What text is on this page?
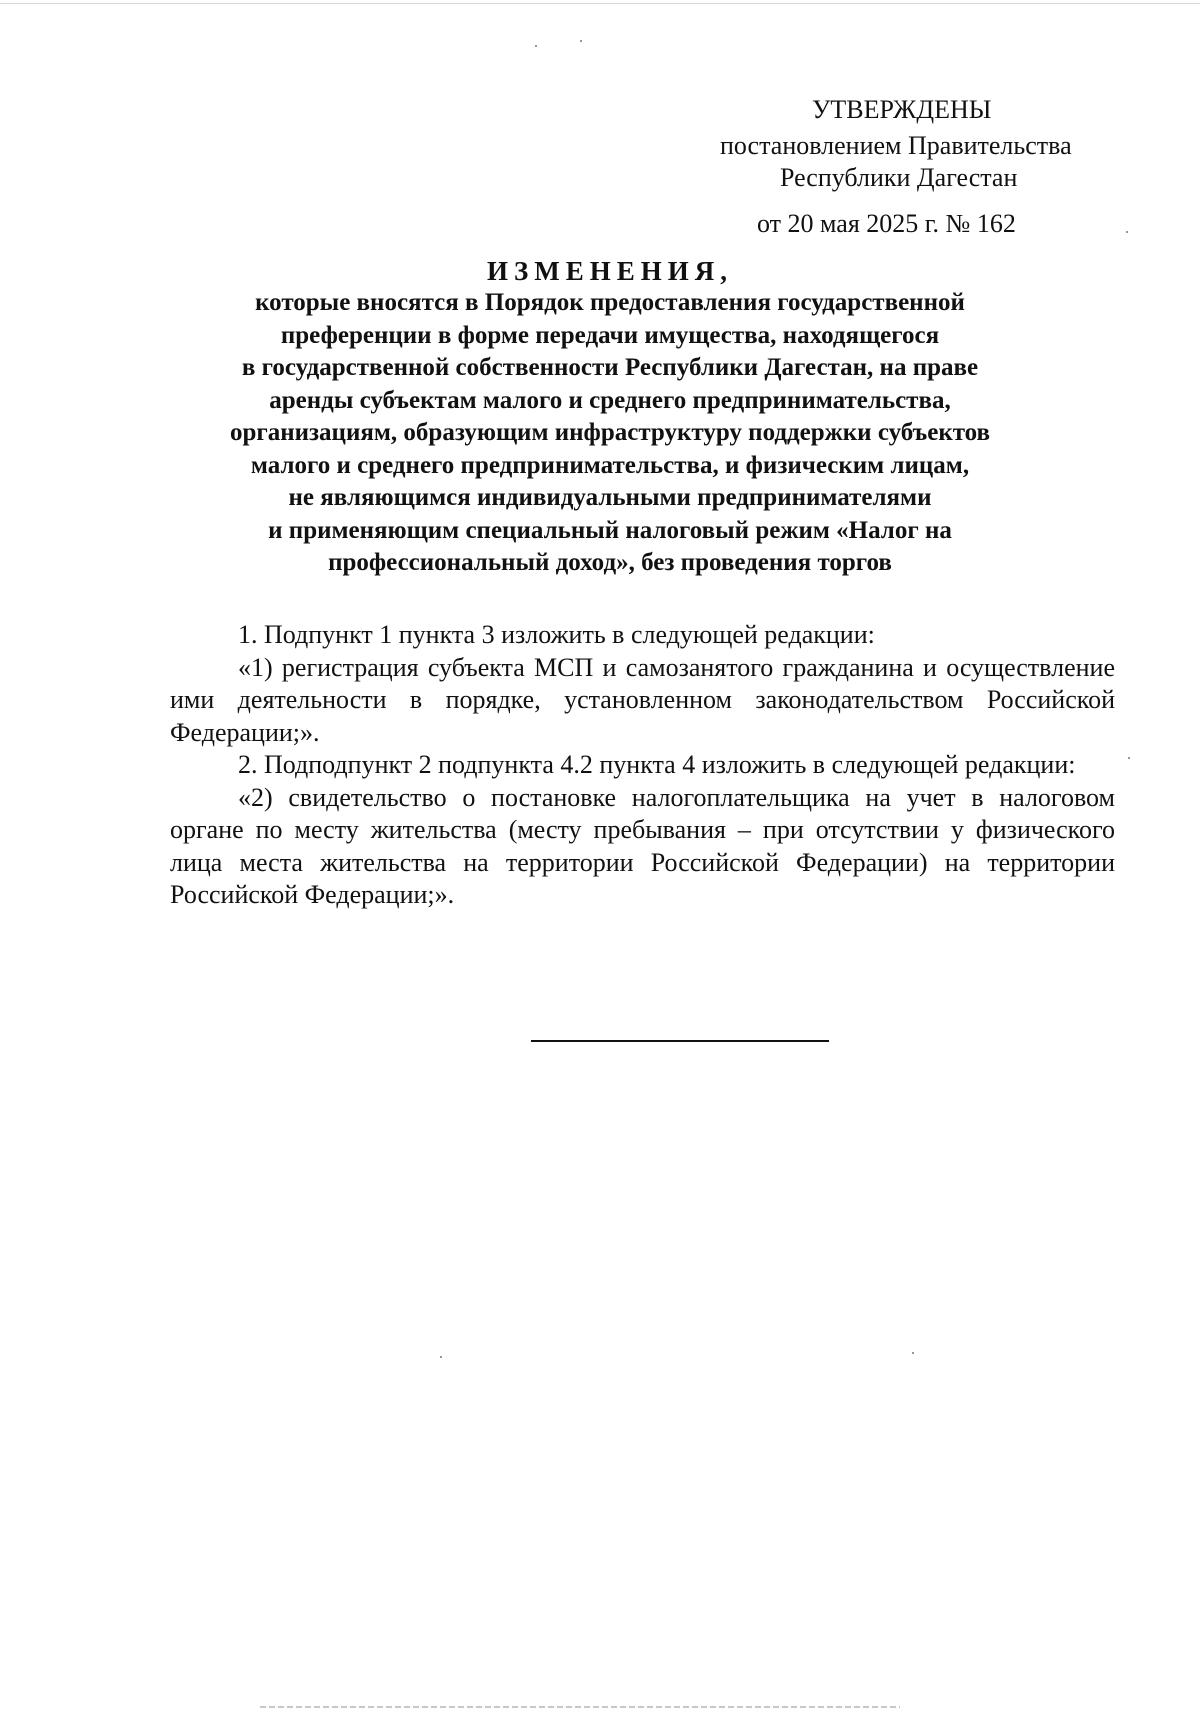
УТВЕРЖДЕНЫ
постановлением Правительства
Республики Дагестан
от 20 мая 2025 г. № 162
ИЗМЕНЕНИЯ,
которые вносятся в Порядок предоставления государственной
преференции в форме передачи имущества, находящегося
в государственной собственности Республики Дагестан, на праве
аренды субъектам малого и среднего предпринимательства,
организациям, образующим инфраструктуру поддержки субъектов
малого и среднего предпринимательства, и физическим лицам,
не являющимся индивидуальными предпринимателями
и применяющим специальный налоговый режим «Налог на
профессиональный доход», без проведения торгов

1. Подпункт 1 пункта 3 изложить в следующей редакции:

«1) регистрация субъекта МСП и самозанятого гражданина и осуществление ими деятельности в порядке, установленном законодательством Российской Федерации;».

2. Подподпункт 2 подпункта 4.2 пункта 4 изложить в следующей редакции:

«2) свидетельство о постановке налогоплательщика на учет в налоговом органе по месту жительства (месту пребывания – при отсутствии у физического лица места жительства на территории Российской Федерации) на территории Российской Федерации;».
